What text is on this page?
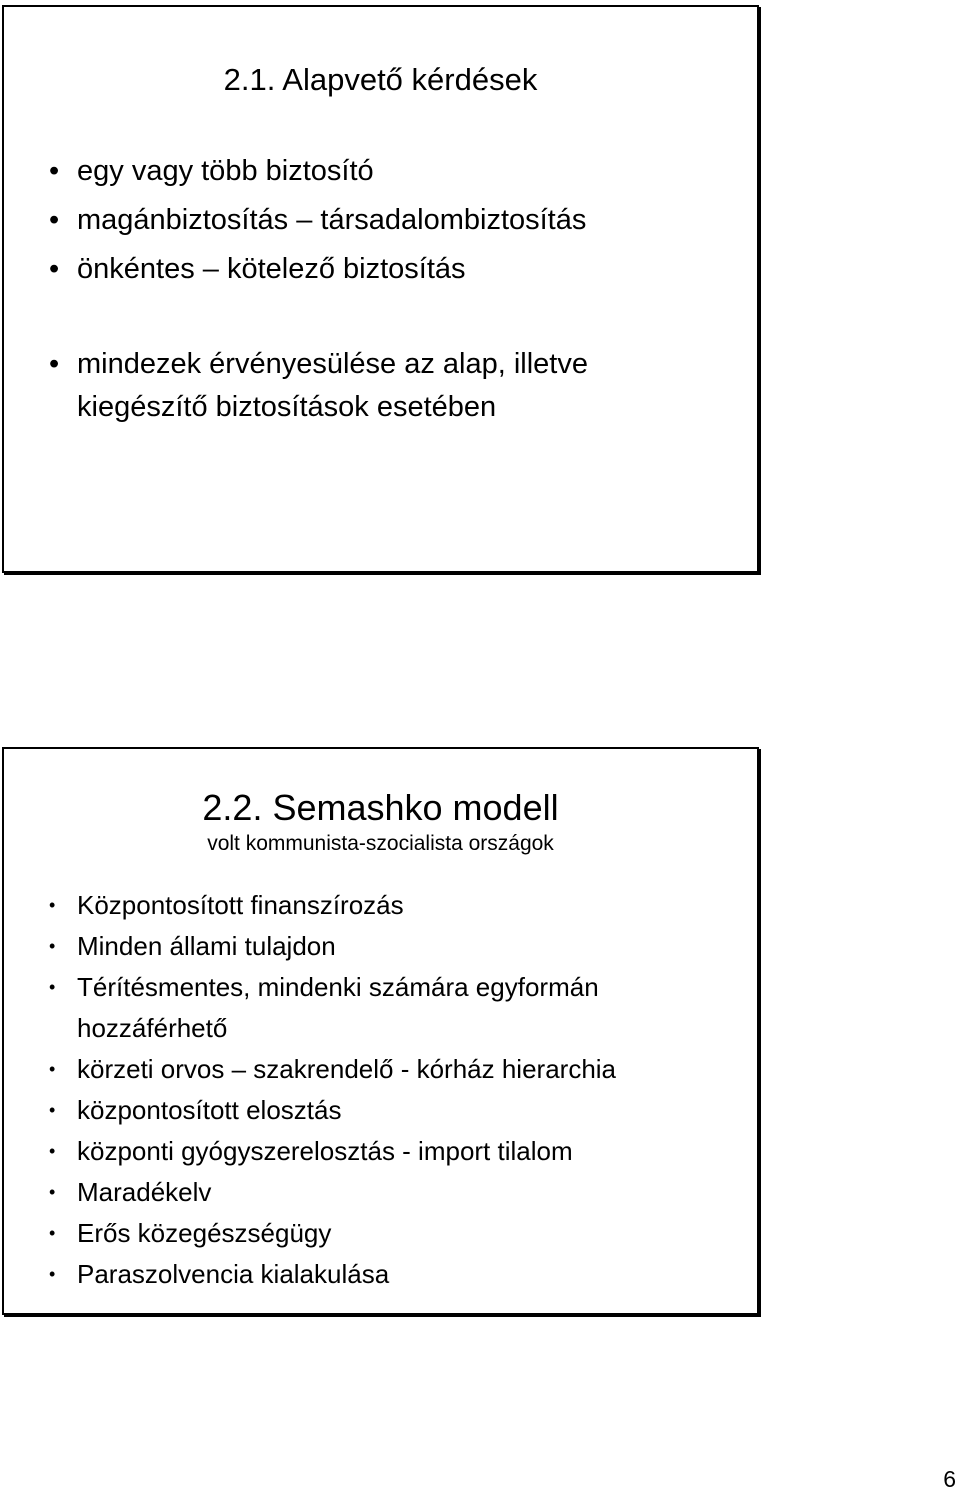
2.1. Alapvető kérdések
• egy vagy több biztosító
• magánbiztosítás – társadalombiztosítás
• önkéntes – kötelező biztosítás
• mindezek érvényesülése az alap, illetve
kiegészítő biztosítások esetében
2.2. Semashko modell
volt kommunista-szocialista országok
• Központosított finanszírozás
• Minden állami tulajdon
• Térítésmentes, mindenki számára egyformán
hozzáférhető
• körzeti orvos – szakrendelő - kórház hierarchia
• központosított elosztás
• központi gyógyszerelosztás - import tilalom
• Maradékelv
• Erős közegészségügy
• Paraszolvencia kialakulása
6
